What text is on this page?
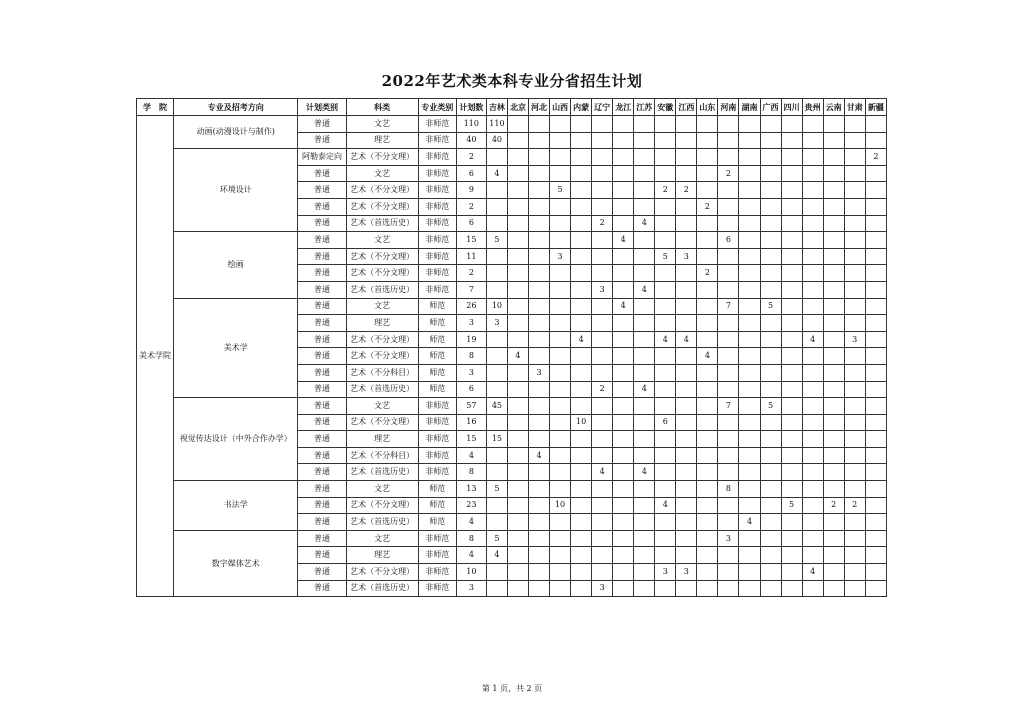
2022年艺术类本科专业分省招生计划
学　院	专业及招考方向	计划类别	科类	专业类别	计划数	吉林	北京	河北	山西	内蒙	辽宁	龙江	江苏	安徽	江西	山东	河南	湖南	广西	四川	贵州	云南	甘肃	新疆
美术学院	动画(动漫设计与制作)	普通	文艺	非师范	110	110																		
		普通	理艺	非师范	40	40																		
	环境设计	阿勒泰定向	艺术（不分文理）	非师范	2																			2
		普通	文艺	非师范	6	4											2							
		普通	艺术（不分文理）	非师范	9				5					2	2									
		普通	艺术（不分文理）	非师范	2											2								
		普通	艺术（首选历史）	非师范	6						2		4											
	绘画	普通	文艺	非师范	15	5						4					6							
		普通	艺术（不分文理）	非师范	11				3					5	3									
		普通	艺术（不分文理）	非师范	2											2								
		普通	艺术（首选历史）	非师范	7						3		4											
	美术学	普通	文艺	师范	26	10						4					7		5					
		普通	理艺	师范	3	3																		
		普通	艺术（不分文理）	师范	19					4				4	4						4		3	
		普通	艺术（不分文理）	师范	8		4									4								
		普通	艺术（不分科目）	师范	3			3																
		普通	艺术（首选历史）	师范	6						2		4											
	视觉传达设计（中外合作办学）	普通	文艺	非师范	57	45											7		5					
		普通	艺术（不分文理）	非师范	16					10				6										
		普通	理艺	非师范	15	15																		
		普通	艺术（不分科目）	非师范	4			4																
		普通	艺术（首选历史）	非师范	8						4		4											
	书法学	普通	文艺	师范	13	5											8							
		普通	艺术（不分文理）	师范	23				10					4						5		2	2	
		普通	艺术（首选历史）	师范	4													4						
	数字媒体艺术	普通	文艺	非师范	8	5											3							
		普通	理艺	非师范	4	4																		
		普通	艺术（不分文理）	非师范	10									3	3						4			
		普通	艺术（首选历史）	非师范	3						3													
第 1 页，共 2 页
